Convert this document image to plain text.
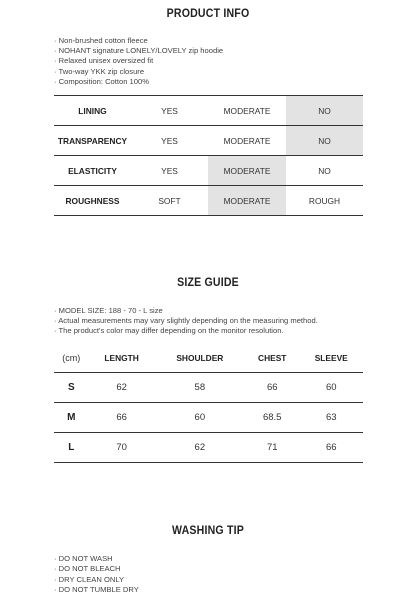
PRODUCT INFO
· Non-brushed cotton fleece
· NOHANT signature LONELY/LOVELY zip hoodie
· Relaxed unisex oversized fit
· Two-way YKK zip closure
· Composition: Cotton 100%
LINING	YES	MODERATE	NO
TRANSPARENCY	YES	MODERATE	NO
ELASTICITY	YES	MODERATE	NO
ROUGHNESS	SOFT	MODERATE	ROUGH
SIZE GUIDE
· MODEL SIZE: 188 - 70 - L size
· Actual measurements may vary slightly depending on the measuring method.
· The product's color may differ depending on the monitor resolution.
(cm)	LENGTH	SHOULDER	CHEST	SLEEVE
S	62	58	66	60
M	66	60	68.5	63
L	70	62	71	66
WASHING TIP
· DO NOT WASH
· DO NOT BLEACH
· DRY CLEAN ONLY
· DO NOT TUMBLE DRY
